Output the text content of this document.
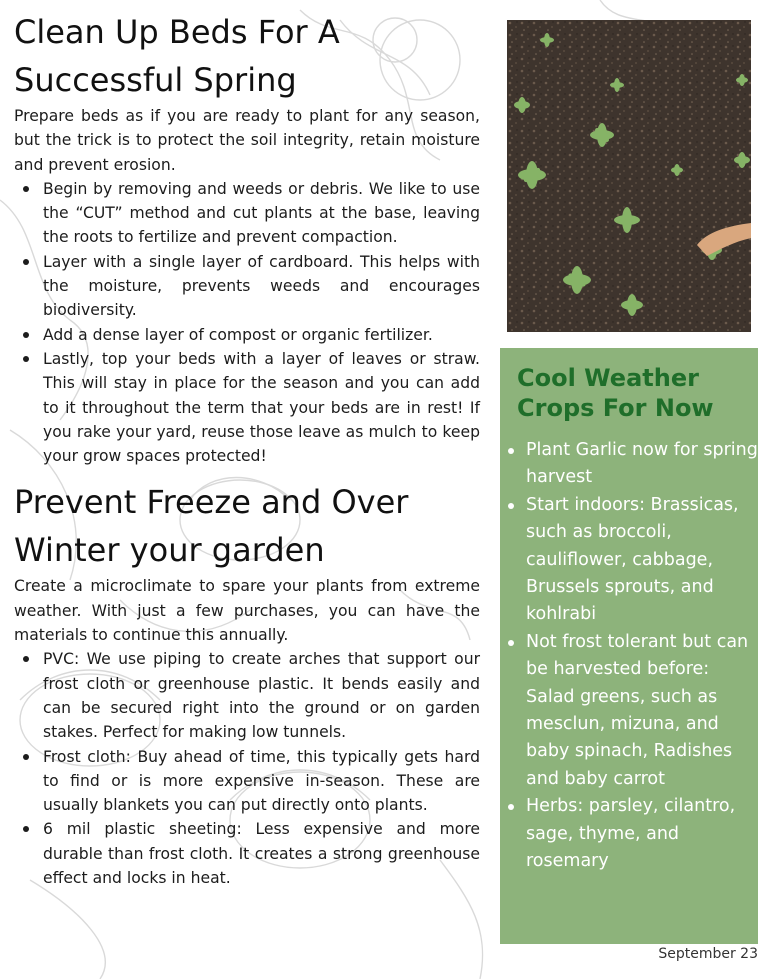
Clean Up Beds For A Successful Spring

Prepare beds as if you are ready to plant for any season, but the trick is to protect the soil integrity, retain moisture and prevent erosion.

Begin by removing and weeds or debris. We like to use the “CUT” method and cut plants at the base, leaving the roots to fertilize and prevent compaction.
Layer with a single layer of cardboard. This helps with the moisture, prevents weeds and encourages biodiversity.
Add a dense layer of compost or organic fertilizer.
Lastly, top your beds with a layer of leaves or straw. This will stay in place for the season and you can add to it throughout the term that your beds are in rest! If you rake your yard, reuse those leave as mulch to keep your grow spaces protected!
Prevent Freeze and Over Winter your garden

Create a microclimate to spare your plants from extreme weather. With just a few purchases, you can have the materials to continue this annually.

PVC: We use piping to create arches that support our frost cloth or greenhouse plastic. It bends easily and can be secured right into the ground or on garden stakes. Perfect for making low tunnels.
Frost cloth: Buy ahead of time, this typically gets hard to find or is more expensive in-season. These are usually blankets you can put directly onto plants.
6 mil plastic sheeting: Less expensive and more durable than frost cloth. It creates a strong greenhouse effect and locks in heat.
Cool Weather Crops For Now
Plant Garlic now for spring harvest
Start indoors: Brassicas, such as broccoli, cauliflower, cabbage, Brussels sprouts, and kohlrabi
Not frost tolerant but can be harvested before: Salad greens, such as mesclun, mizuna, and baby spinach, Radishes and baby carrot
Herbs: parsley, cilantro, sage, thyme, and rosemary
September 23
